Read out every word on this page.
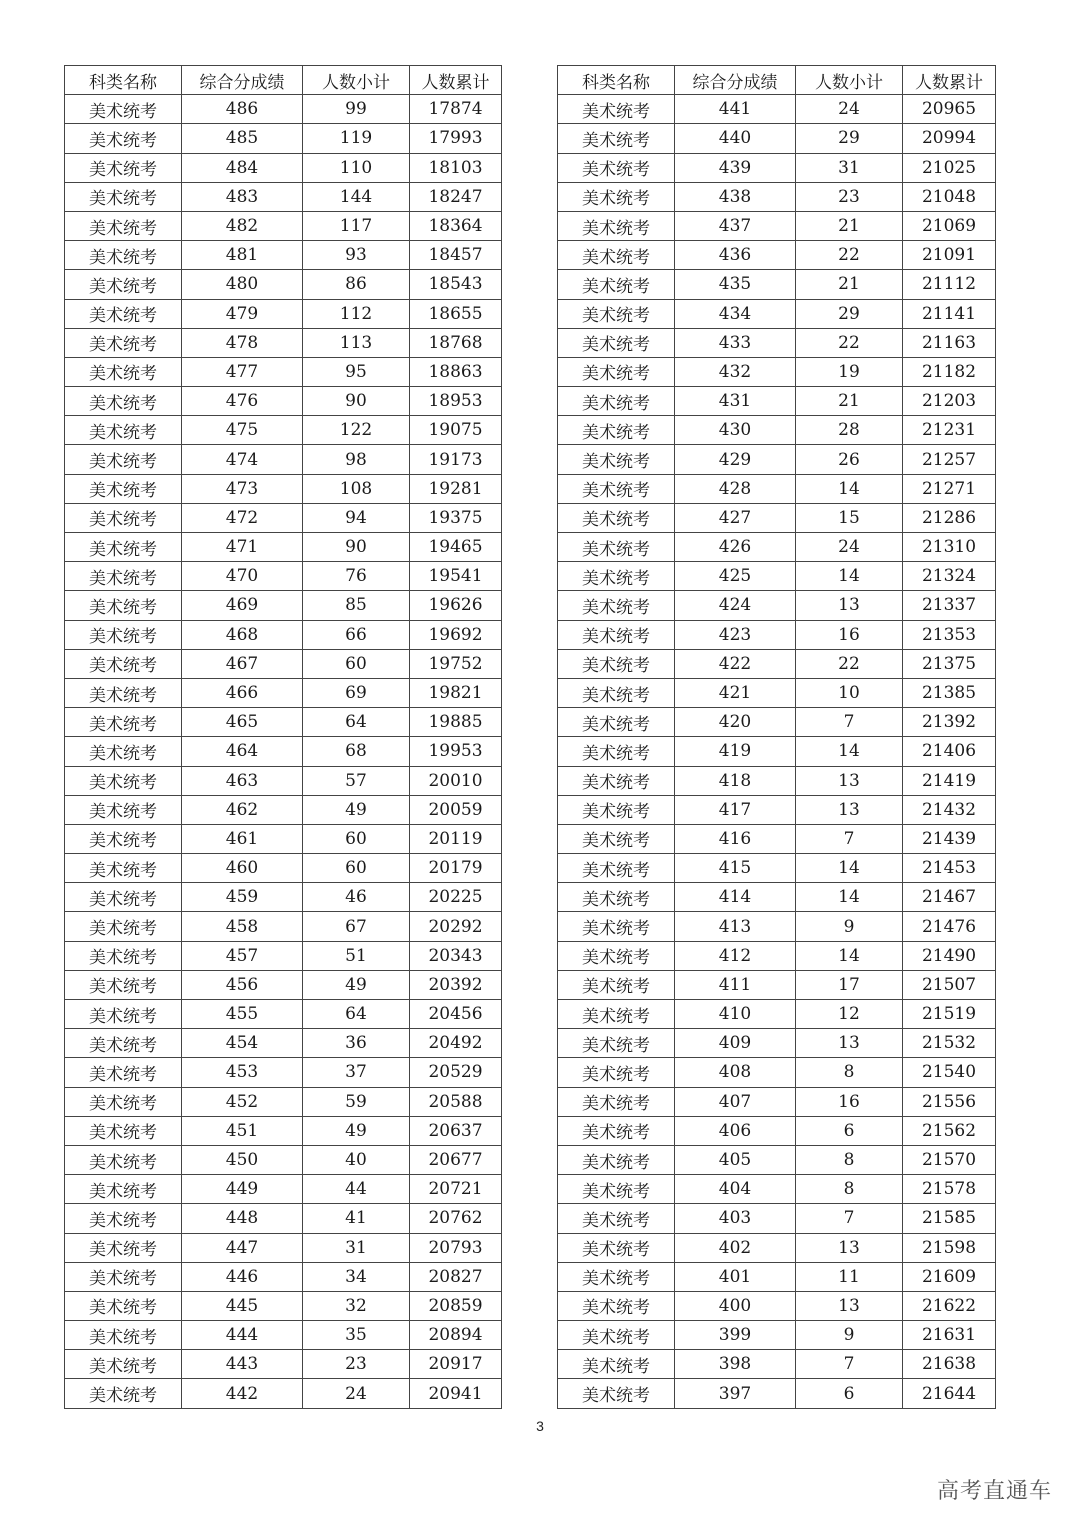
科类名称	综合分成绩	人数小计	人数累计
美术统考	486	99	17874
美术统考	485	119	17993
美术统考	484	110	18103
美术统考	483	144	18247
美术统考	482	117	18364
美术统考	481	93	18457
美术统考	480	86	18543
美术统考	479	112	18655
美术统考	478	113	18768
美术统考	477	95	18863
美术统考	476	90	18953
美术统考	475	122	19075
美术统考	474	98	19173
美术统考	473	108	19281
美术统考	472	94	19375
美术统考	471	90	19465
美术统考	470	76	19541
美术统考	469	85	19626
美术统考	468	66	19692
美术统考	467	60	19752
美术统考	466	69	19821
美术统考	465	64	19885
美术统考	464	68	19953
美术统考	463	57	20010
美术统考	462	49	20059
美术统考	461	60	20119
美术统考	460	60	20179
美术统考	459	46	20225
美术统考	458	67	20292
美术统考	457	51	20343
美术统考	456	49	20392
美术统考	455	64	20456
美术统考	454	36	20492
美术统考	453	37	20529
美术统考	452	59	20588
美术统考	451	49	20637
美术统考	450	40	20677
美术统考	449	44	20721
美术统考	448	41	20762
美术统考	447	31	20793
美术统考	446	34	20827
美术统考	445	32	20859
美术统考	444	35	20894
美术统考	443	23	20917
美术统考	442	24	20941
科类名称	综合分成绩	人数小计	人数累计
美术统考	441	24	20965
美术统考	440	29	20994
美术统考	439	31	21025
美术统考	438	23	21048
美术统考	437	21	21069
美术统考	436	22	21091
美术统考	435	21	21112
美术统考	434	29	21141
美术统考	433	22	21163
美术统考	432	19	21182
美术统考	431	21	21203
美术统考	430	28	21231
美术统考	429	26	21257
美术统考	428	14	21271
美术统考	427	15	21286
美术统考	426	24	21310
美术统考	425	14	21324
美术统考	424	13	21337
美术统考	423	16	21353
美术统考	422	22	21375
美术统考	421	10	21385
美术统考	420	7	21392
美术统考	419	14	21406
美术统考	418	13	21419
美术统考	417	13	21432
美术统考	416	7	21439
美术统考	415	14	21453
美术统考	414	14	21467
美术统考	413	9	21476
美术统考	412	14	21490
美术统考	411	17	21507
美术统考	410	12	21519
美术统考	409	13	21532
美术统考	408	8	21540
美术统考	407	16	21556
美术统考	406	6	21562
美术统考	405	8	21570
美术统考	404	8	21578
美术统考	403	7	21585
美术统考	402	13	21598
美术统考	401	11	21609
美术统考	400	13	21622
美术统考	399	9	21631
美术统考	398	7	21638
美术统考	397	6	21644
3
高考直通车
